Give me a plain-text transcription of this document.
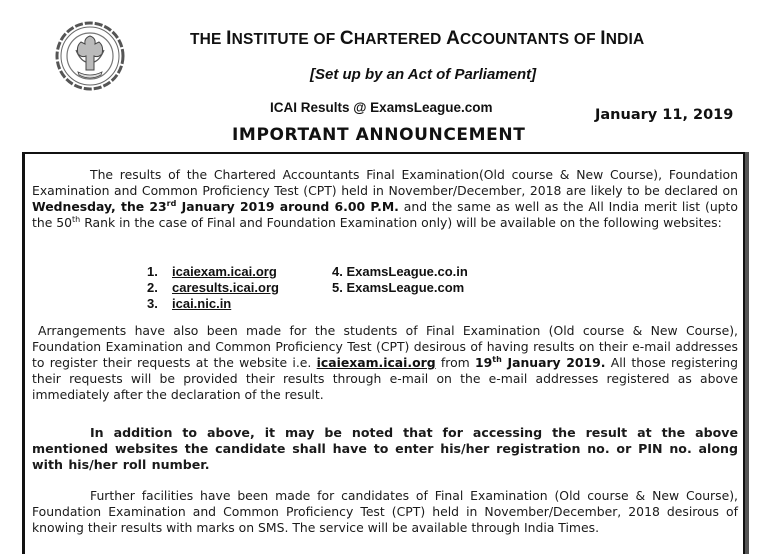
THE INSTITUTE OF CHARTERED ACCOUNTANTS OF INDIA
[Set up by an Act of Parliament]
ICAI Results @ ExamsLeague.com	January 11, 2019
IMPORTANT ANNOUNCEMENT
The results of the Chartered Accountants Final Examination(Old course & New Course), Foundation Examination and Common Proficiency Test (CPT) held in November/December, 2018 are likely to be declared on Wednesday, the 23rd January 2019 around 6.00 P.M. and the same as well as the All India merit list (upto the 50th Rank in the case of Final and Foundation Examination only) will be available on the following websites:
1.	icaiexam.icai.org	4.
ExamsLeague.co.in
2.	caresults.icai.org	5.
ExamsLeague.com
3.	icai.nic.in
Arrangements have also been made for the students of Final Examination (Old course & New Course), Foundation Examination and Common Proficiency Test (CPT) desirous of having results on their e-mail addresses to register their requests at the website i.e. icaiexam.icai.org from 19th January 2019. All those registering their requests will be provided their results through e-mail on the e-mail addresses registered as above immediately after the declaration of the result.
In addition to above, it may be noted that for accessing the result at the above mentioned websites the candidate shall have to enter his/her registration no. or PIN no. along with his/her roll number.
Further facilities have been made for candidates of Final Examination (Old course & New Course), Foundation Examination and Common Proficiency Test (CPT) held in November/December, 2018 desirous of knowing their results with marks on SMS. The service will be available through India Times.
